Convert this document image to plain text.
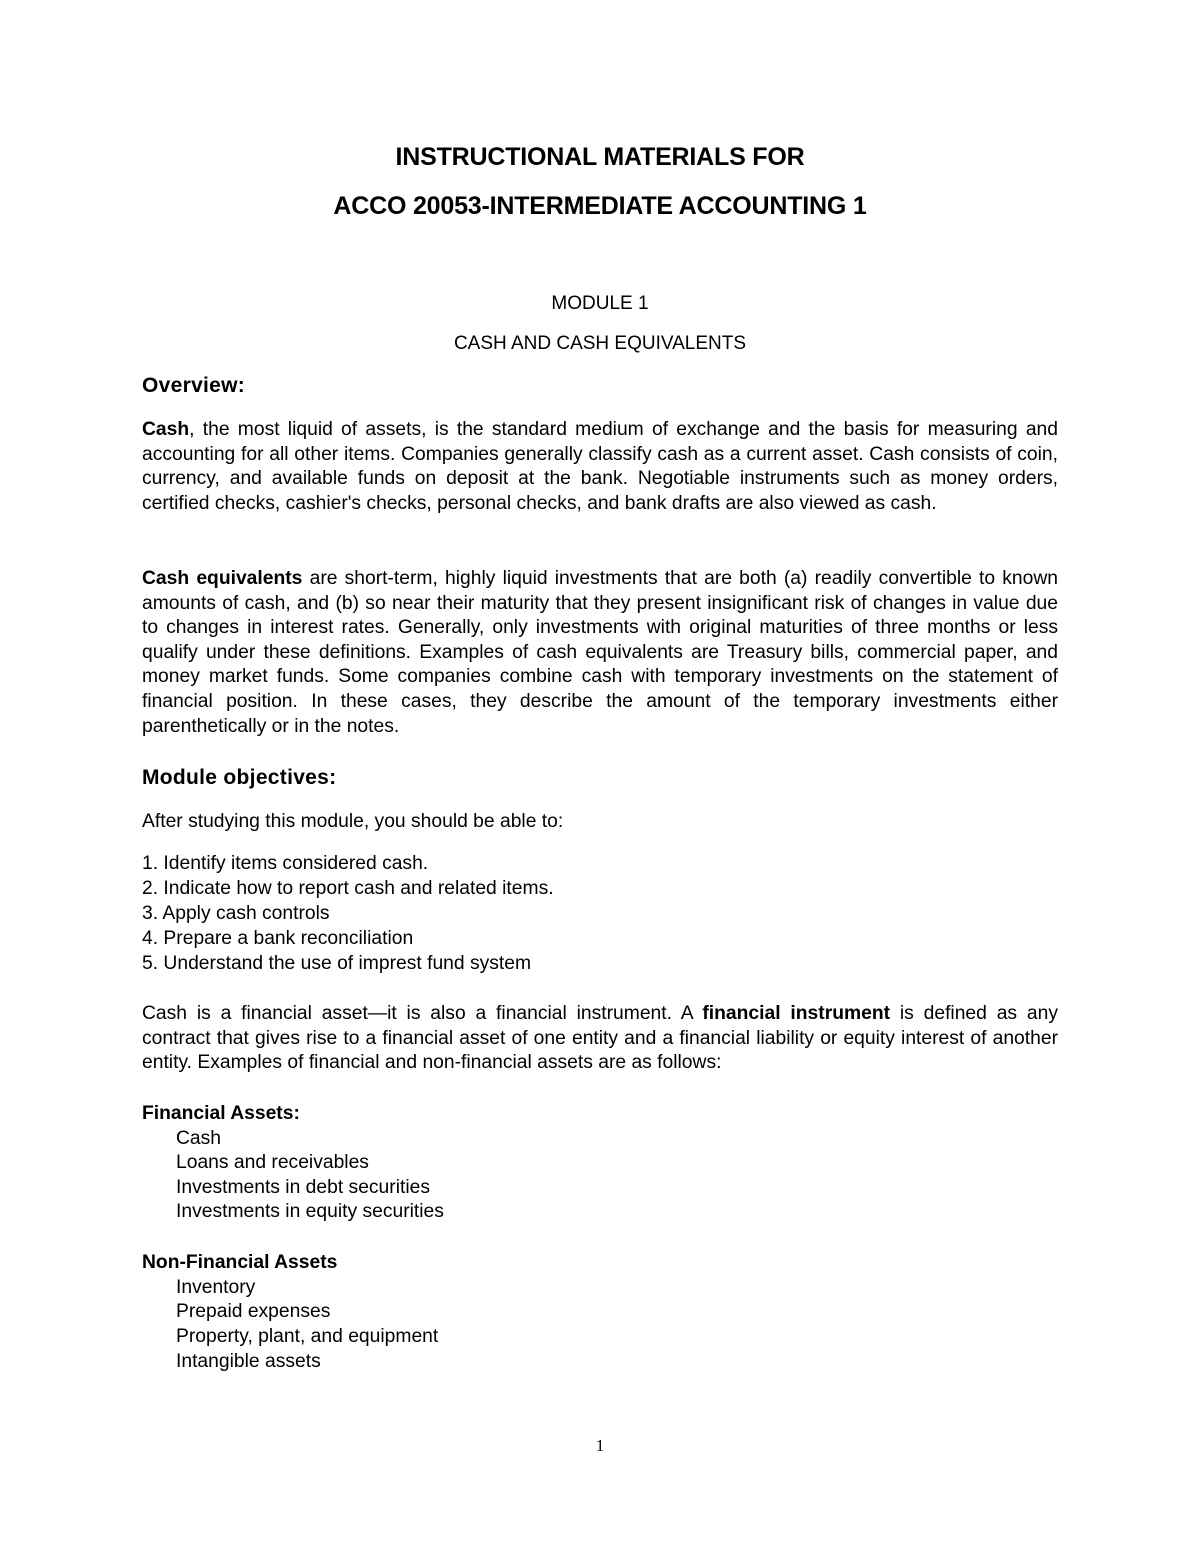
INSTRUCTIONAL MATERIALS FOR
ACCO 20053-INTERMEDIATE ACCOUNTING 1
MODULE 1
CASH AND CASH EQUIVALENTS
Overview:
Cash, the most liquid of assets, is the standard medium of exchange and the basis for measuring and accounting for all other items. Companies generally classify cash as a current asset. Cash consists of coin, currency, and available funds on deposit at the bank. Negotiable instruments such as money orders, certified checks, cashier's checks, personal checks, and bank drafts are also viewed as cash.
Cash equivalents are short-term, highly liquid investments that are both (a) readily convertible to known amounts of cash, and (b) so near their maturity that they present insignificant risk of changes in value due to changes in interest rates. Generally, only investments with original maturities of three months or less qualify under these definitions. Examples of cash equivalents are Treasury bills, commercial paper, and money market funds. Some companies combine cash with temporary investments on the statement of financial position. In these cases, they describe the amount of the temporary investments either parenthetically or in the notes.
Module objectives:
After studying this module, you should be able to:
1. Identify items considered cash.
2. Indicate how to report cash and related items.
3. Apply cash controls
4. Prepare a bank reconciliation
5. Understand the use of imprest fund system
Cash is a financial asset—it is also a financial instrument. A financial instrument is defined as any contract that gives rise to a financial asset of one entity and a financial liability or equity interest of another entity. Examples of financial and non-financial assets are as follows:
Financial Assets:
Cash
Loans and receivables
Investments in debt securities
Investments in equity securities
Non-Financial Assets
Inventory
Prepaid expenses
Property, plant, and equipment
Intangible assets
1
